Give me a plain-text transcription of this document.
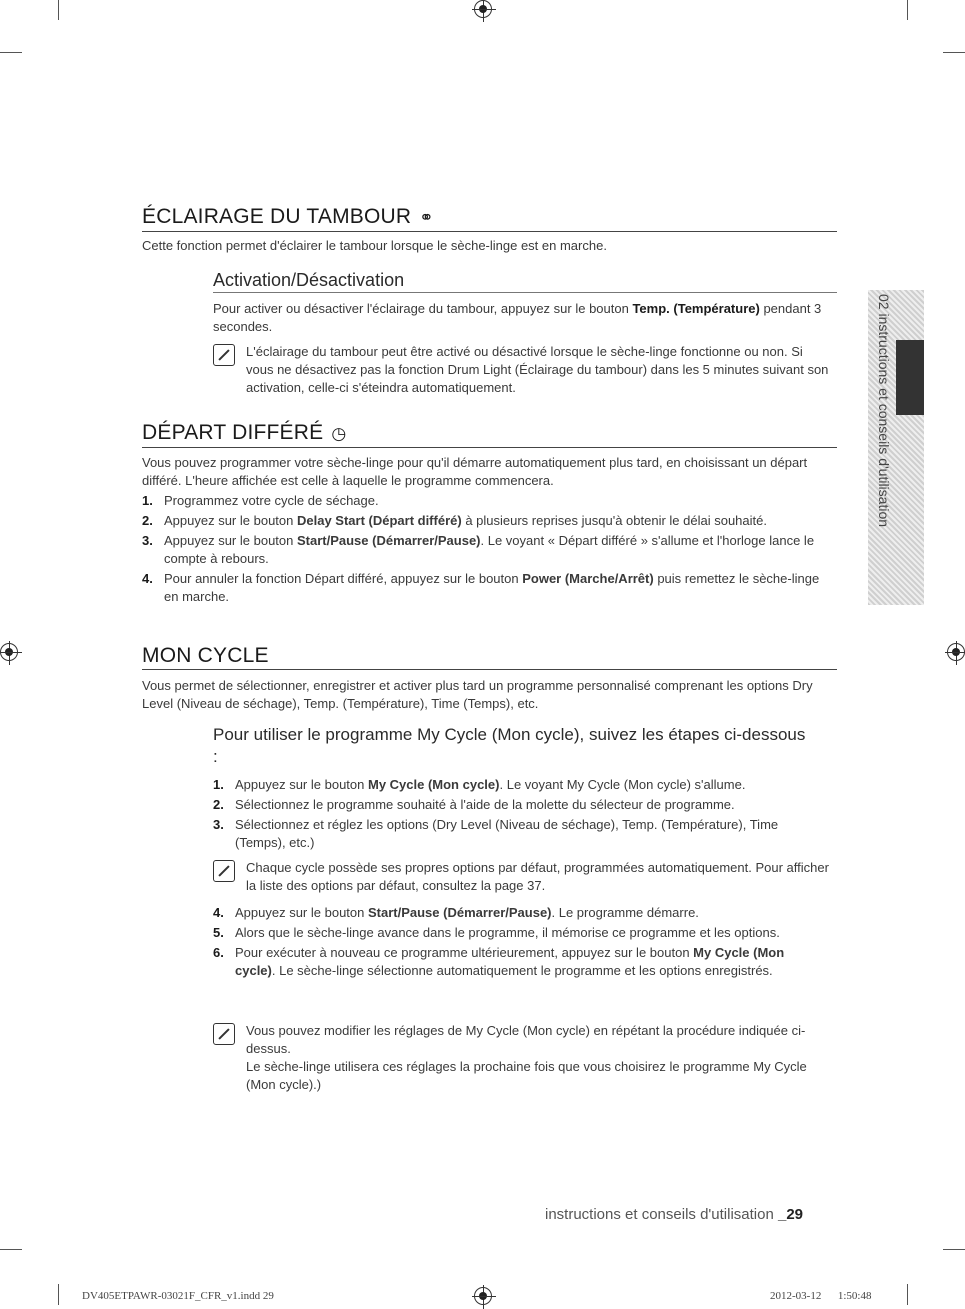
ÉCLAIRAGE DU TAMBOUR ⚭

Cette fonction permet d'éclairer le tambour lorsque le sèche-linge est en marche.

Activation/Désactivation

Pour activer ou désactiver l'éclairage du tambour, appuyez sur le bouton Temp. (Température) pendant 3 secondes.

L'éclairage du tambour peut être activé ou désactivé lorsque le sèche-linge fonctionne ou non. Si vous ne désactivez pas la fonction Drum Light (Éclairage du tambour) dans les 5 minutes suivant son activation, celle-ci s'éteindra automatiquement.
DÉPART DIFFÉRÉ ◷

Vous pouvez programmer votre sèche-linge pour qu'il démarre automatiquement plus tard, en choisissant un départ différé. L'heure affichée est celle à laquelle le programme commencera.

1. Programmez votre cycle de séchage.
2. Appuyez sur le bouton Delay Start (Départ différé) à plusieurs reprises jusqu'à obtenir le délai souhaité.
3. Appuyez sur le bouton Start/Pause (Démarrer/Pause). Le voyant « Départ différé » s'allume et l'horloge lance le compte à rebours.
4. Pour annuler la fonction Départ différé, appuyez sur le bouton Power (Marche/Arrêt) puis remettez le sèche-linge en marche.
MON CYCLE

Vous permet de sélectionner, enregistrer et activer plus tard un programme personnalisé comprenant les options Dry Level (Niveau de séchage), Temp. (Température), Time (Temps), etc.

Pour utiliser le programme My Cycle (Mon cycle), suivez les étapes ci-dessous :
1. Appuyez sur le bouton My Cycle (Mon cycle). Le voyant My Cycle (Mon cycle) s'allume.
2. Sélectionnez le programme souhaité à l'aide de la molette du sélecteur de programme.
3. Sélectionnez et réglez les options (Dry Level (Niveau de séchage), Temp. (Température), Time (Temps), etc.)
Chaque cycle possède ses propres options par défaut, programmées automatiquement. Pour afficher la liste des options par défaut, consultez la page 37.
4. Appuyez sur le bouton Start/Pause (Démarrer/Pause). Le programme démarre.
5. Alors que le sèche-linge avance dans le programme, il mémorise ce programme et les options.
6. Pour exécuter à nouveau ce programme ultérieurement, appuyez sur le bouton My Cycle (Mon cycle). Le sèche-linge sélectionne automatiquement le programme et les options enregistrés.
Vous pouvez modifier les réglages de My Cycle (Mon cycle) en répétant la procédure indiquée ci-dessus.
Le sèche-linge utilisera ces réglages la prochaine fois que vous choisirez le programme My Cycle (Mon cycle).)
02 instructions et conseils d'utilisation
instructions et conseils d'utilisation _29
DV405ETPAWR-03021F_CFR_v1.indd 29	2012-03-12   1:50:48
